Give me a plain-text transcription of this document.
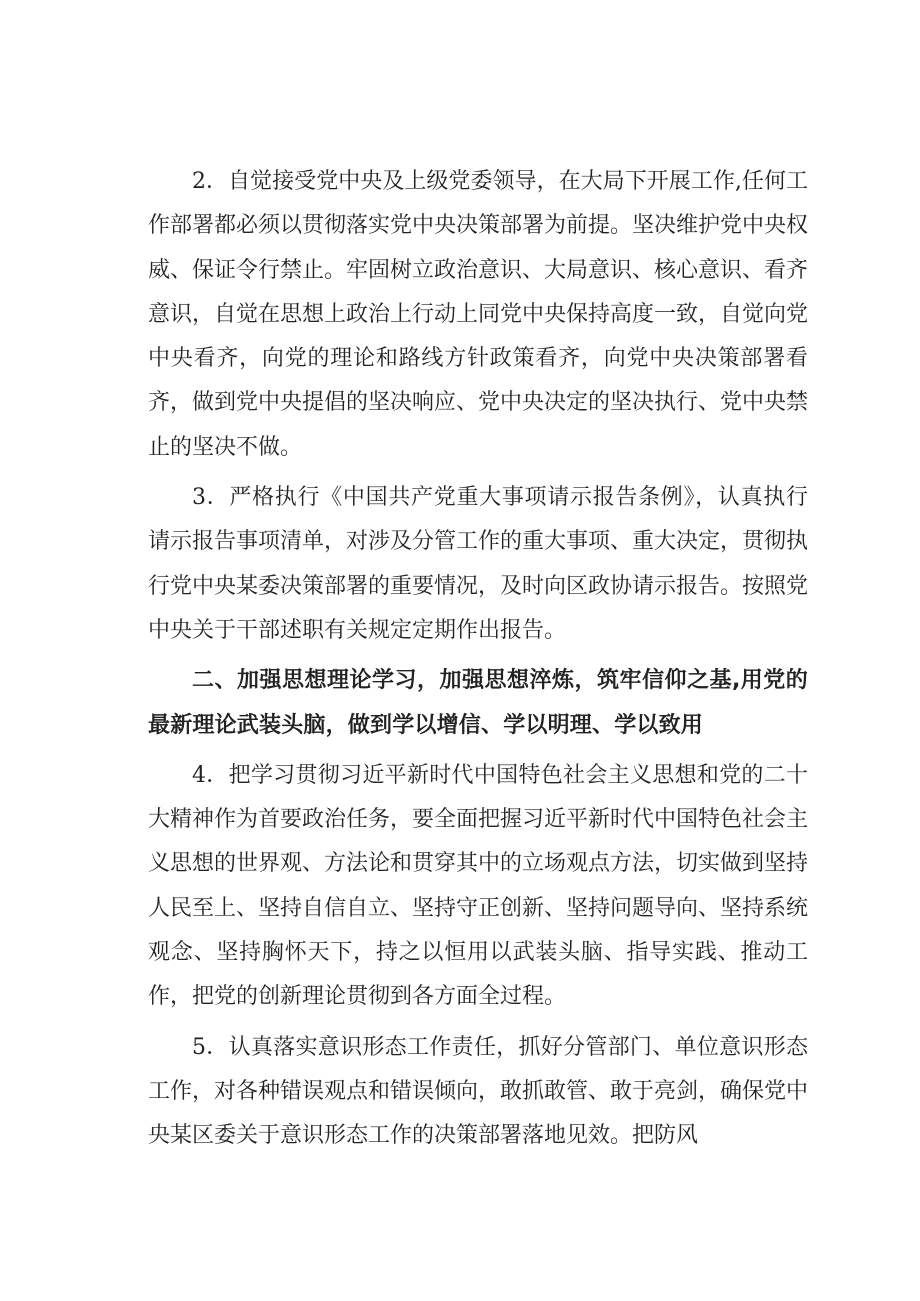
2．自觉接受党中央及上级党委领导，在大局下开展工作,任何工作部署都必须以贯彻落实党中央决策部署为前提。坚决维护党中央权威、保证令行禁止。牢固树立政治意识、大局意识、核心意识、看齐意识，自觉在思想上政治上行动上同党中央保持高度一致，自觉向党中央看齐，向党的理论和路线方针政策看齐，向党中央决策部署看齐，做到党中央提倡的坚决响应、党中央决定的坚决执行、党中央禁止的坚决不做。

3．严格执行《中国共产党重大事项请示报告条例》，认真执行请示报告事项清单，对涉及分管工作的重大事项、重大决定，贯彻执行党中央某委决策部署的重要情况，及时向区政协请示报告。按照党中央关于干部述职有关规定定期作出报告。

二、加强思想理论学习，加强思想淬炼，筑牢信仰之基,用党的最新理论武装头脑，做到学以增信、学以明理、学以致用

4．把学习贯彻习近平新时代中国特色社会主义思想和党的二十大精神作为首要政治任务，要全面把握习近平新时代中国特色社会主义思想的世界观、方法论和贯穿其中的立场观点方法，切实做到坚持人民至上、坚持自信自立、坚持守正创新、坚持问题导向、坚持系统观念、坚持胸怀天下，持之以恒用以武装头脑、指导实践、推动工作，把党的创新理论贯彻到各方面全过程。

5．认真落实意识形态工作责任，抓好分管部门、单位意识形态工作，对各种错误观点和错误倾向，敢抓敢管、敢于亮剑，确保党中央某区委关于意识形态工作的决策部署落地见效。把防风
